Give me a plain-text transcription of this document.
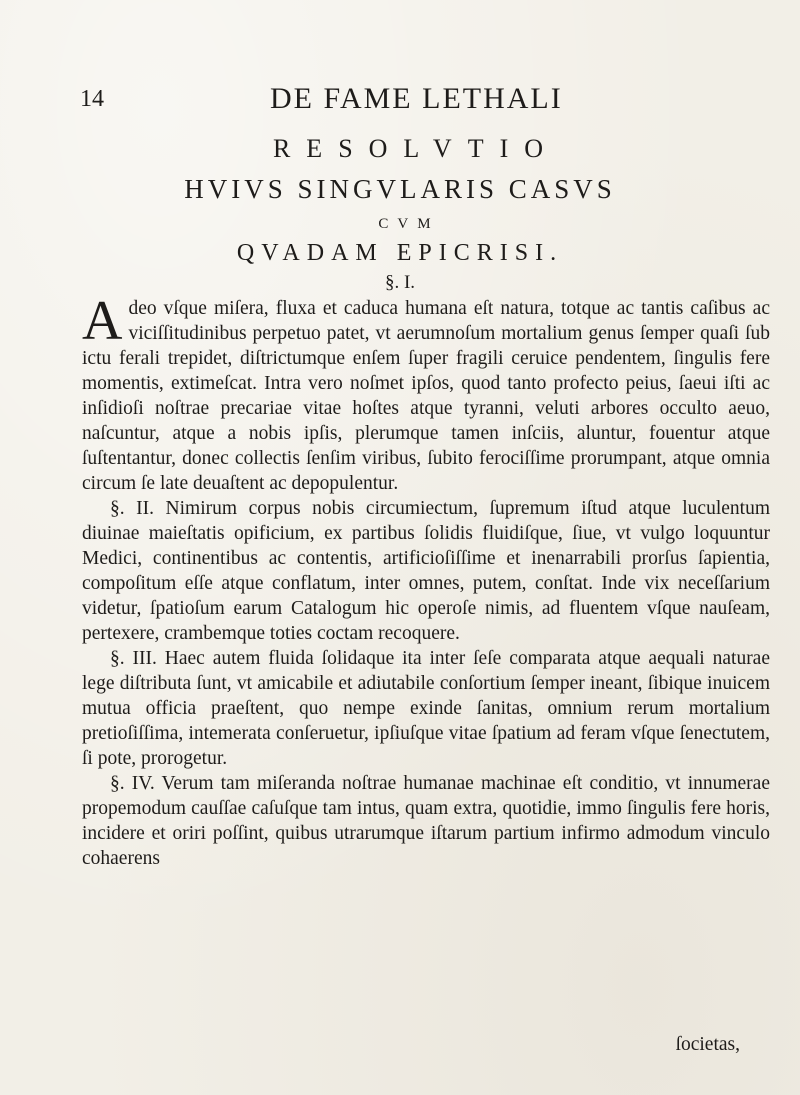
14	DE FAME LETHALI
RESOLVTIO
HVIVS SINGVLARIS CASVS
CVM
QVADAM EPICRISI.
§. I.

Adeo vſque miſera, fluxa et caduca humana eſt natura, totque ac tantis caſibus ac viciſſitudinibus perpetuo patet, vt aerumnoſum mortalium genus ſemper quaſi ſub ictu ferali trepidet, diſtrictumque enſem ſuper fragili ceruice pendentem, ſingulis fere momentis, extimeſcat. Intra vero noſmet ipſos, quod tanto profecto peius, ſaeui iſti ac inſidioſi noſtrae precariae vitae hoſtes atque tyranni, veluti arbores occulto aeuo, naſcuntur, atque a nobis ipſis, plerumque tamen inſciis, aluntur, fouentur atque ſuſtentantur, donec collectis ſenſim viribus, ſubito ferociſſime prorumpant, atque omnia circum ſe late deuaſtent ac depopulentur.

§. II. Nimirum corpus nobis circumiectum, ſupremum iſtud atque luculentum diuinae maieſtatis opificium, ex partibus ſolidis fluidiſque, ſiue, vt vulgo loquuntur Medici, continentibus ac contentis, artificioſiſſime et inenarrabili prorſus ſapientia, compoſitum eſſe atque conflatum, inter omnes, putem, conſtat. Inde vix neceſſarium videtur, ſpatioſum earum Catalogum hic operoſe nimis, ad fluentem vſque nauſeam, pertexere, crambemque toties coctam recoquere.

§. III. Haec autem fluida ſolidaque ita inter ſeſe comparata atque aequali naturae lege diſtributa ſunt, vt amicabile et adiutabile conſortium ſemper ineant, ſibique inuicem mutua officia praeſtent, quo nempe exinde ſanitas, omnium rerum mortalium pretioſiſſima, intemerata conſeruetur, ipſiuſque vitae ſpatium ad feram vſque ſenectutem, ſi pote, prorogetur.

§. IV. Verum tam miſeranda noſtrae humanae machinae eſt conditio, vt innumerae propemodum cauſſae caſuſque tam intus, quam extra, quotidie, immo ſingulis fere horis, incidere et oriri poſſint, quibus utrarumque iſtarum partium infirmo admodum vinculo cohaerens

ſocietas,
